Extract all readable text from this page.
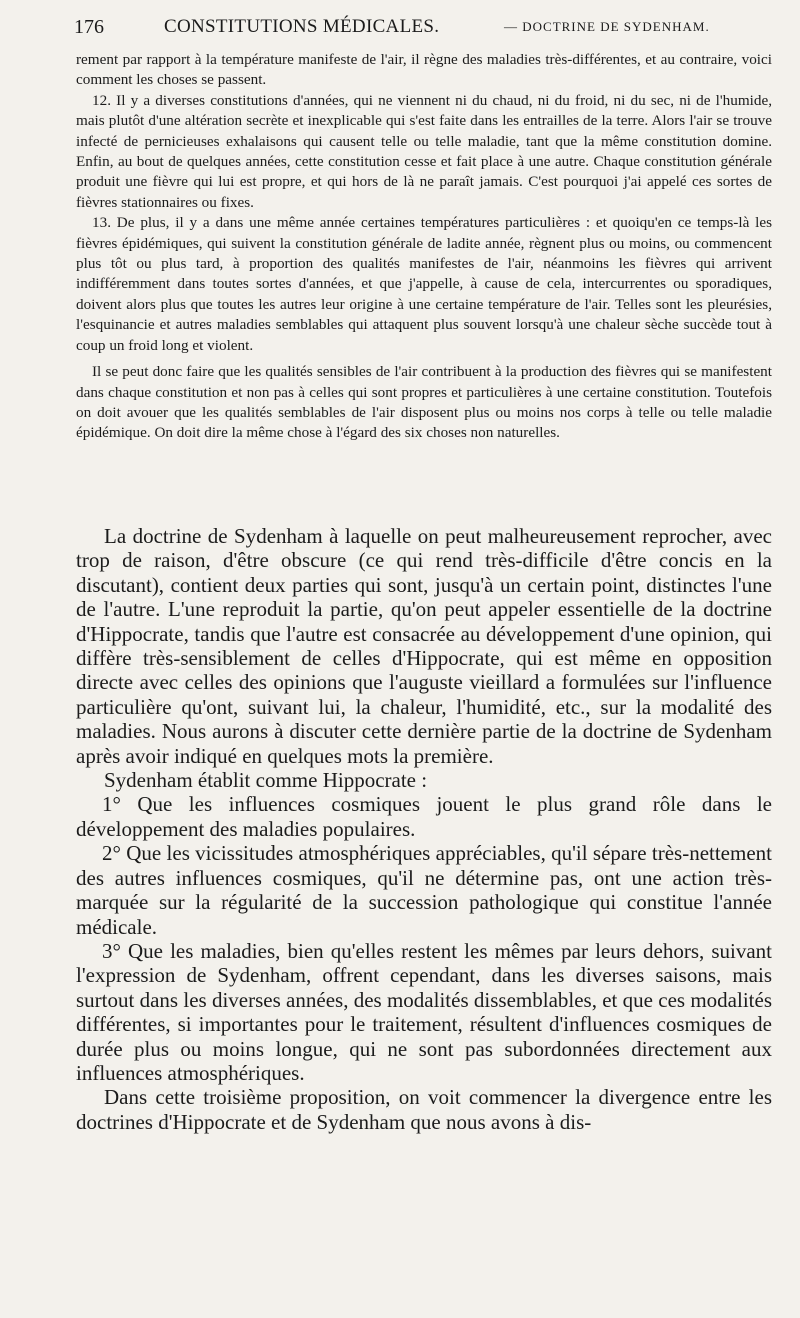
176	CONSTITUTIONS MÉDICALES.	— DOCTRINE DE SYDENHAM.

rement par rapport à la température manifeste de l'air, il règne des maladies très-différentes, et au contraire, voici comment les choses se passent.

12. Il y a diverses constitutions d'années, qui ne viennent ni du chaud, ni du froid, ni du sec, ni de l'humide, mais plutôt d'une altération secrète et inexplicable qui s'est faite dans les entrailles de la terre. Alors l'air se trouve infecté de pernicieuses exhalaisons qui causent telle ou telle maladie, tant que la même constitution domine. Enfin, au bout de quelques années, cette constitution cesse et fait place à une autre. Chaque constitution générale produit une fièvre qui lui est propre, et qui hors de là ne paraît jamais. C'est pourquoi j'ai appelé ces sortes de fièvres stationnaires ou fixes.

13. De plus, il y a dans une même année certaines températures particulières : et quoiqu'en ce temps-là les fièvres épidémiques, qui suivent la constitution générale de ladite année, règnent plus ou moins, ou commencent plus tôt ou plus tard, à proportion des qualités manifestes de l'air, néanmoins les fièvres qui arrivent indifféremment dans toutes sortes d'années, et que j'appelle, à cause de cela, intercurrentes ou sporadiques, doivent alors plus que toutes les autres leur origine à une certaine température de l'air. Telles sont les pleurésies, l'esquinancie et autres maladies semblables qui attaquent plus souvent lorsqu'à une chaleur sèche succède tout à coup un froid long et violent.

Il se peut donc faire que les qualités sensibles de l'air contribuent à la production des fièvres qui se manifestent dans chaque constitution et non pas à celles qui sont propres et particulières à une certaine constitution. Toutefois on doit avouer que les qualités semblables de l'air disposent plus ou moins nos corps à telle ou telle maladie épidémique. On doit dire la même chose à l'égard des six choses non naturelles.

La doctrine de Sydenham à laquelle on peut malheureusement reprocher, avec trop de raison, d'être obscure (ce qui rend très-difficile d'être concis en la discutant), contient deux parties qui sont, jusqu'à un certain point, distinctes l'une de l'autre. L'une reproduit la partie, qu'on peut appeler essentielle de la doctrine d'Hippocrate, tandis que l'autre est consacrée au développement d'une opinion, qui diffère très-sensiblement de celles d'Hippocrate, qui est même en opposition directe avec celles des opinions que l'auguste vieillard a formulées sur l'influence particulière qu'ont, suivant lui, la chaleur, l'humidité, etc., sur la modalité des maladies. Nous aurons à discuter cette dernière partie de la doctrine de Sydenham après avoir indiqué en quelques mots la première.

Sydenham établit comme Hippocrate :

1° Que les influences cosmiques jouent le plus grand rôle dans le développement des maladies populaires.

2° Que les vicissitudes atmosphériques appréciables, qu'il sépare très-nettement des autres influences cosmiques, qu'il ne détermine pas, ont une action très-marquée sur la régularité de la succession pathologique qui constitue l'année médicale.

3° Que les maladies, bien qu'elles restent les mêmes par leurs dehors, suivant l'expression de Sydenham, offrent cependant, dans les diverses saisons, mais surtout dans les diverses années, des modalités dissemblables, et que ces modalités différentes, si importantes pour le traitement, résultent d'influences cosmiques de durée plus ou moins longue, qui ne sont pas subordonnées directement aux influences atmosphériques.

Dans cette troisième proposition, on voit commencer la divergence entre les doctrines d'Hippocrate et de Sydenham que nous avons à dis-
